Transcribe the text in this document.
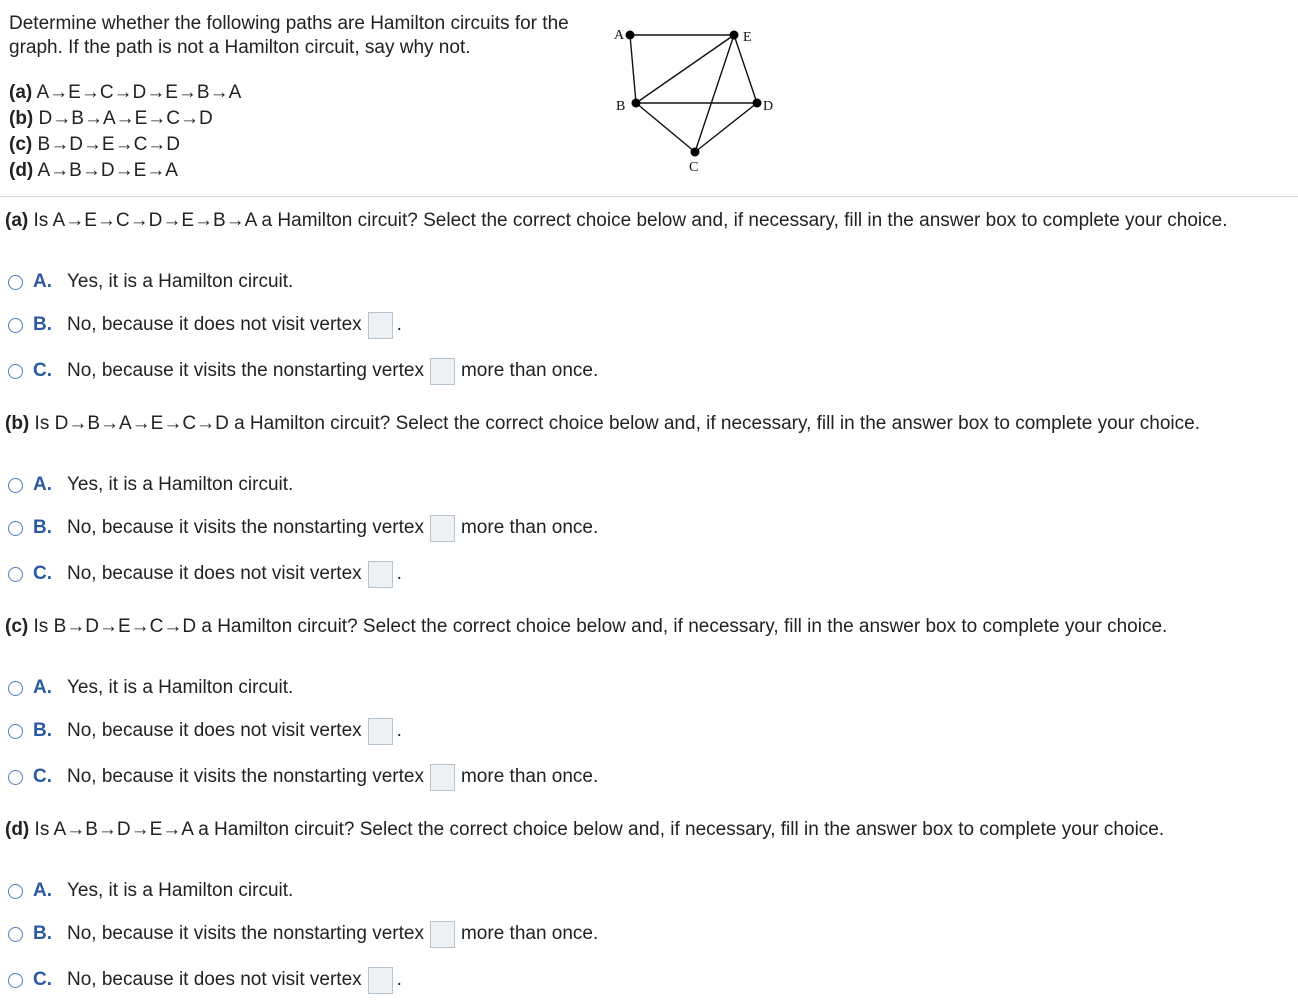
Determine whether the following paths are Hamilton circuits for the
graph. If the path is not a Hamilton circuit, say why not.
(a) A→E→C→D→E→B→A
(b) D→B→A→E→C→D
(c) B→D→E→C→D
(d) A→B→D→E→A
A	E
B	D
C
(a) Is A→E→C→D→E→B→A a Hamilton circuit? Select the correct choice below and, if necessary, fill in the answer box to complete your choice.
A. Yes, it is a Hamilton circuit.
B. No, because it does not visit vertex .
C. No, because it visits the nonstarting vertex more than once.
(b) Is D→B→A→E→C→D a Hamilton circuit? Select the correct choice below and, if necessary, fill in the answer box to complete your choice.
A. Yes, it is a Hamilton circuit.
B. No, because it visits the nonstarting vertex more than once.
C. No, because it does not visit vertex .
(c) Is B→D→E→C→D a Hamilton circuit? Select the correct choice below and, if necessary, fill in the answer box to complete your choice.
A. Yes, it is a Hamilton circuit.
B. No, because it does not visit vertex .
C. No, because it visits the nonstarting vertex more than once.
(d) Is A→B→D→E→A a Hamilton circuit? Select the correct choice below and, if necessary, fill in the answer box to complete your choice.
A. Yes, it is a Hamilton circuit.
B. No, because it visits the nonstarting vertex more than once.
C. No, because it does not visit vertex .
